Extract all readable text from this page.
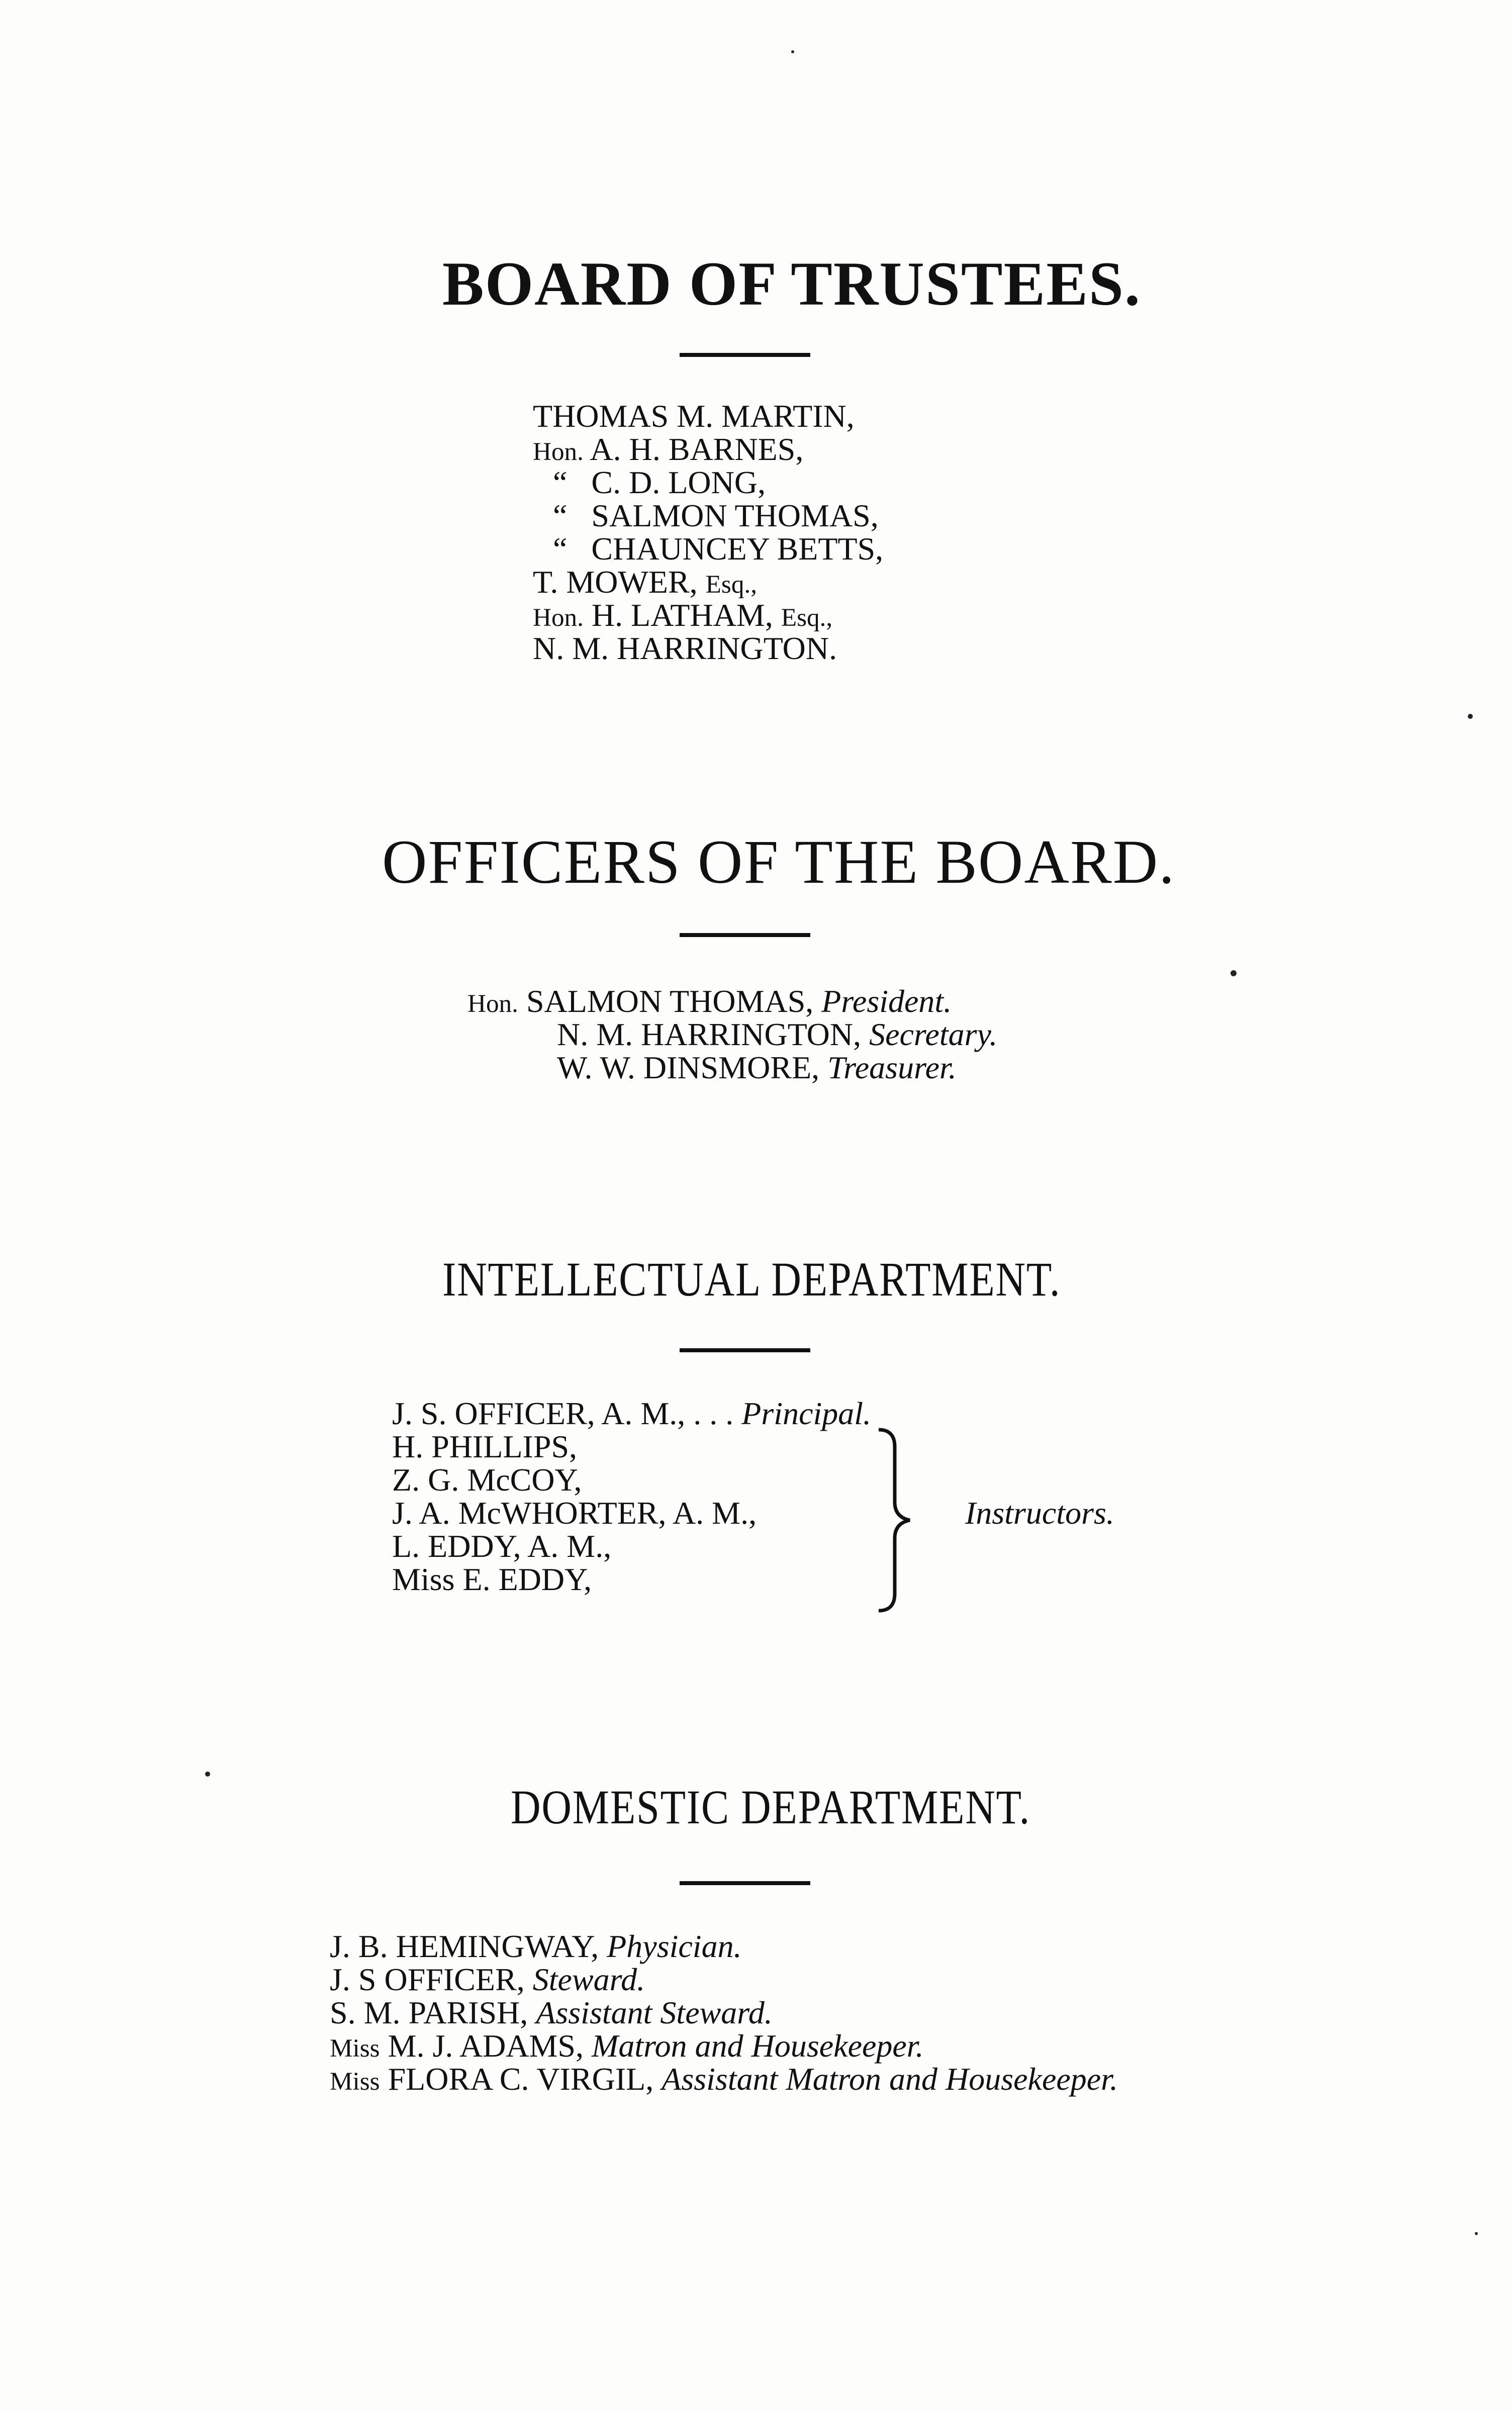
BOARD OF TRUSTEES.
THOMAS M. MARTIN,
Hon. A. H. BARNES,
“ C. D. LONG,
“ SALMON THOMAS,
“ CHAUNCEY BETTS,
T. MOWER, Esq.,
Hon. H. LATHAM, Esq.,
N. M. HARRINGTON.
OFFICERS OF THE BOARD.
Hon. SALMON THOMAS, President.
N. M. HARRINGTON, Secretary.
W. W. DINSMORE, Treasurer.
INTELLECTUAL DEPARTMENT.
J. S. OFFICER, A. M., . . . Principal.
H. PHILLIPS,
Z. G. McCOY,
J. A. McWHORTER, A. M.,
L. EDDY, A. M.,
Miss E. EDDY,
Instructors.
DOMESTIC DEPARTMENT.
J. B. HEMINGWAY, Physician.
J. S OFFICER, Steward.
S. M. PARISH, Assistant Steward.
Miss M. J. ADAMS, Matron and Housekeeper.
Miss FLORA C. VIRGIL, Assistant Matron and Housekeeper.
